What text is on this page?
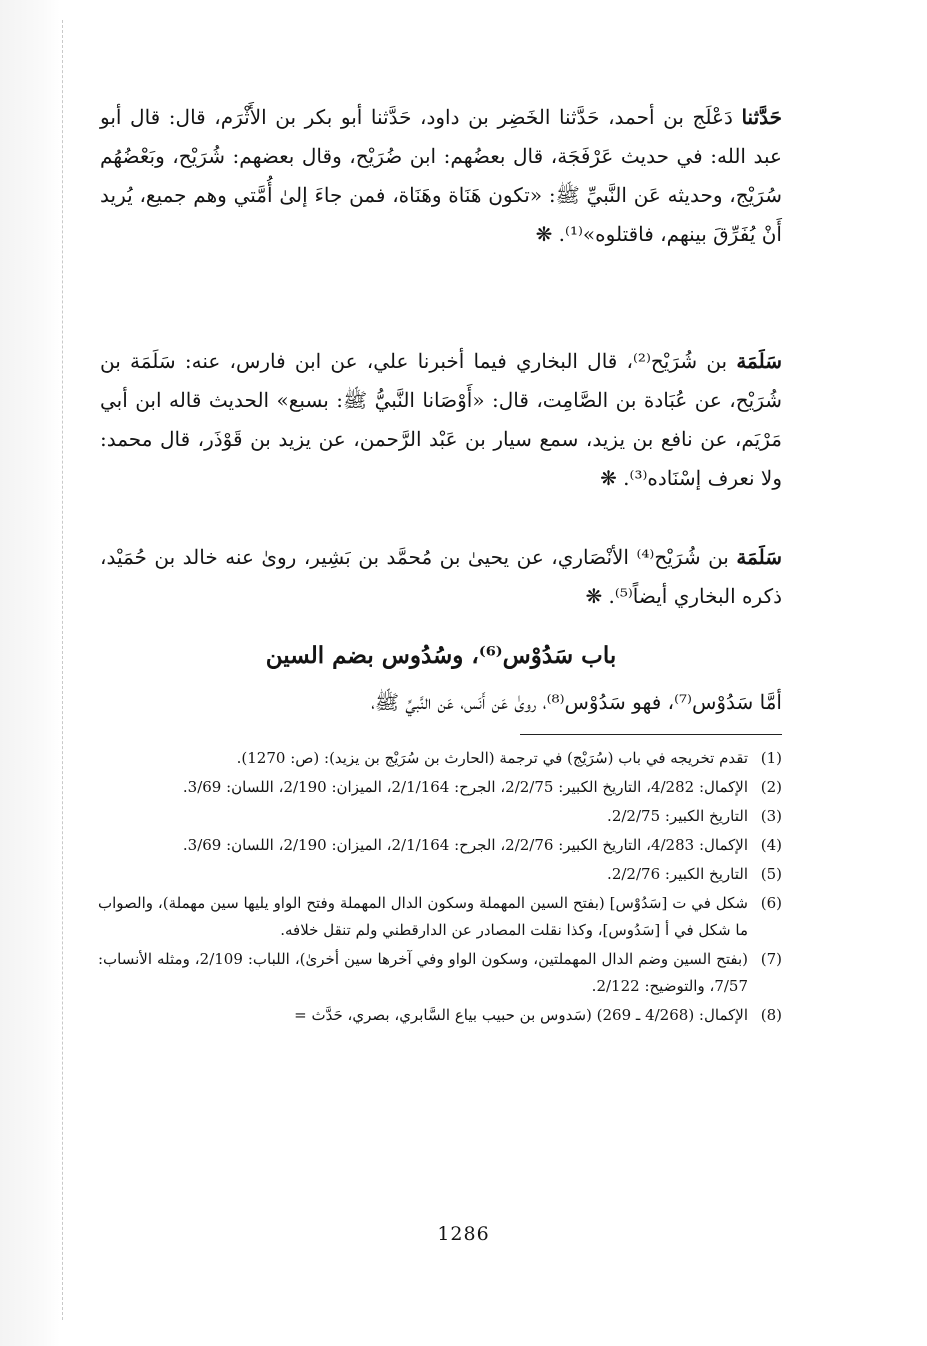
حَدَّثنا دَعْلَج بن أحمد، حَدَّثنا الخَضِر بن داود، حَدَّثنا أبو بكر بن الأَثْرَم، قال: قال أبو عبد الله: في حديث عَرْفَجَة، قال بعضُهم: ابن ضُرَيْح، وقال بعضهم: شُرَيْح، وبَعْضُهُم سُرَيْج، وحديثه عَن النَّبيِّ ﷺ: «تكون هَنَاة وهَنَاة، فمن جاءَ إلىٰ أُمَّتي وهم جميع، يُريد أَنْ يُفَرِّقَ بينهم، فاقتلوه»⁽¹⁾. ❋
سَلَمَة بن شُرَيْح⁽²⁾، قال البخاري فيما أخبرنا علي، عن ابن فارس، عنه: سَلَمَة بن شُرَيْح، عن عُبَادة بن الصَّامِت، قال: «أَوْصَانا النَّبيُّ ﷺ: بسبع» الحديث قاله ابن أبي مَرْيَم، عن نافع بن يزيد، سمع سيار بن عَبْد الرَّحمن، عن يزيد بن قَوْذَر، قال محمد: ولا نعرف إسْنَاده⁽³⁾. ❋
سَلَمَة بن شُرَيْح⁽⁴⁾ الأنْصَاري، عن يحيىٰ بن مُحمَّد بن بَشِير، روىٰ عنه خالد بن حُمَيْد، ذكره البخاري أيضاً⁽⁵⁾. ❋
باب سَدُوْس⁽⁶⁾، وسُدُوس بضم السين
أمَّا سَدُوْس⁽⁷⁾، فهو سَدُوْس⁽⁸⁾، روىٰ عَن أَنَس، عَن النَّبيِّ ﷺ،
(1)
تقدم تخريجه في باب (سُرَيْج) في ترجمة (الحارث بن سُرَيْج بن يزيد): (ص: 1270).
(2)
الإكمال: 4/282، التاريخ الكبير: 2/2/75، الجرح: 2/1/164، الميزان: 2/190، اللسان: 3/69.
(3)
التاريخ الكبير: 2/2/75.
(4)
الإكمال: 4/283، التاريخ الكبير: 2/2/76، الجرح: 2/1/164، الميزان: 2/190، اللسان: 3/69.
(5)
التاريخ الكبير: 2/2/76.
(6)
شكل في ت [سَدُوْس] (بفتح السين المهملة وسكون الدال المهملة وفتح الواو يليها سين مهملة)، والصواب ما شكل في أ [سَدُوس]، وكذا نقلت المصادر عن الدارقطني ولم تنقل خلافه.
(7)
(بفتح السين وضم الدال المهملتين، وسكون الواو وفي آخرها سين أخرىٰ)، اللباب: 2/109، ومثله الأنساب: 7/57، والتوضيح: 2/122.
(8)
الإكمال: (4/268 ـ 269) (سَدوس بن حبيب بياع السَّابري، بصري، حَدَّث =
1286
